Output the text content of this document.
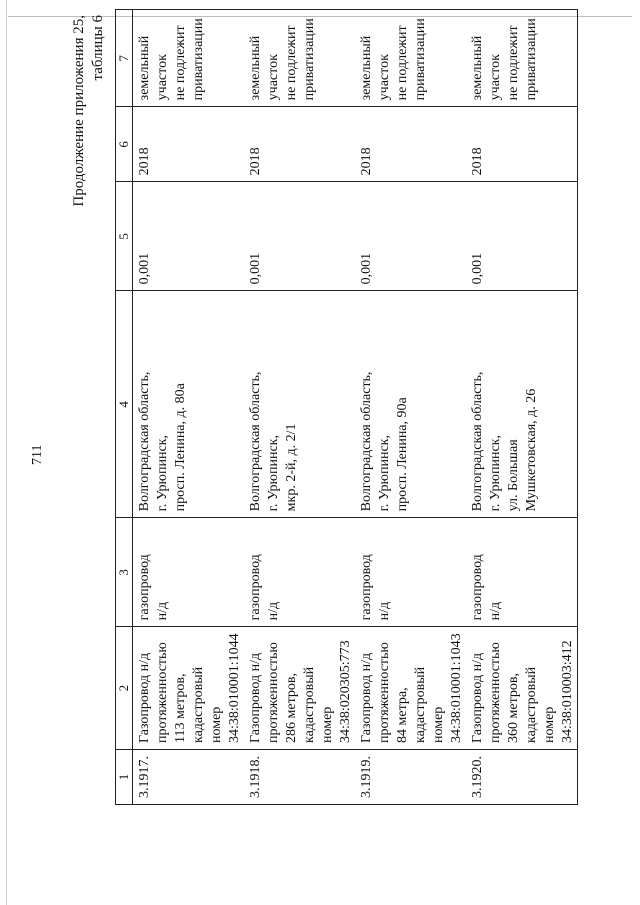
711
Продолжение приложения 25, таблицы 6
1	2	3	4	5	6	7
3.1917.	Газопровод н/д
протяженностью
113 метров,
кадастровый номер
34:38:010001:1044	газопровод
н/д	Волгоградская область,
г. Урюпинск,
просп. Ленина, д. 80а	0,001	2018	земельный
участок
не подлежит
приватизации
3.1918.	Газопровод н/д
протяженностью
286 метров,
кадастровый номер
34:38:020305:773	газопровод
н/д	Волгоградская область,
г. Урюпинск,
мкр. 2-й, д. 2/1	0,001	2018	земельный
участок
не подлежит
приватизации
3.1919.	Газопровод н/д
протяженностью
84 метра,
кадастровый номер
34:38:010001:1043	газопровод
н/д	Волгоградская область,
г. Урюпинск,
просп. Ленина, 90а	0,001	2018	земельный
участок
не подлежит
приватизации
3.1920.	Газопровод н/д
протяженностью
360 метров,
кадастровый номер
34:38:010003:412	газопровод
н/д	Волгоградская область,
г. Урюпинск,
ул. Большая
Мушкетовская, д. 26	0,001	2018	земельный
участок
не подлежит
приватизации
